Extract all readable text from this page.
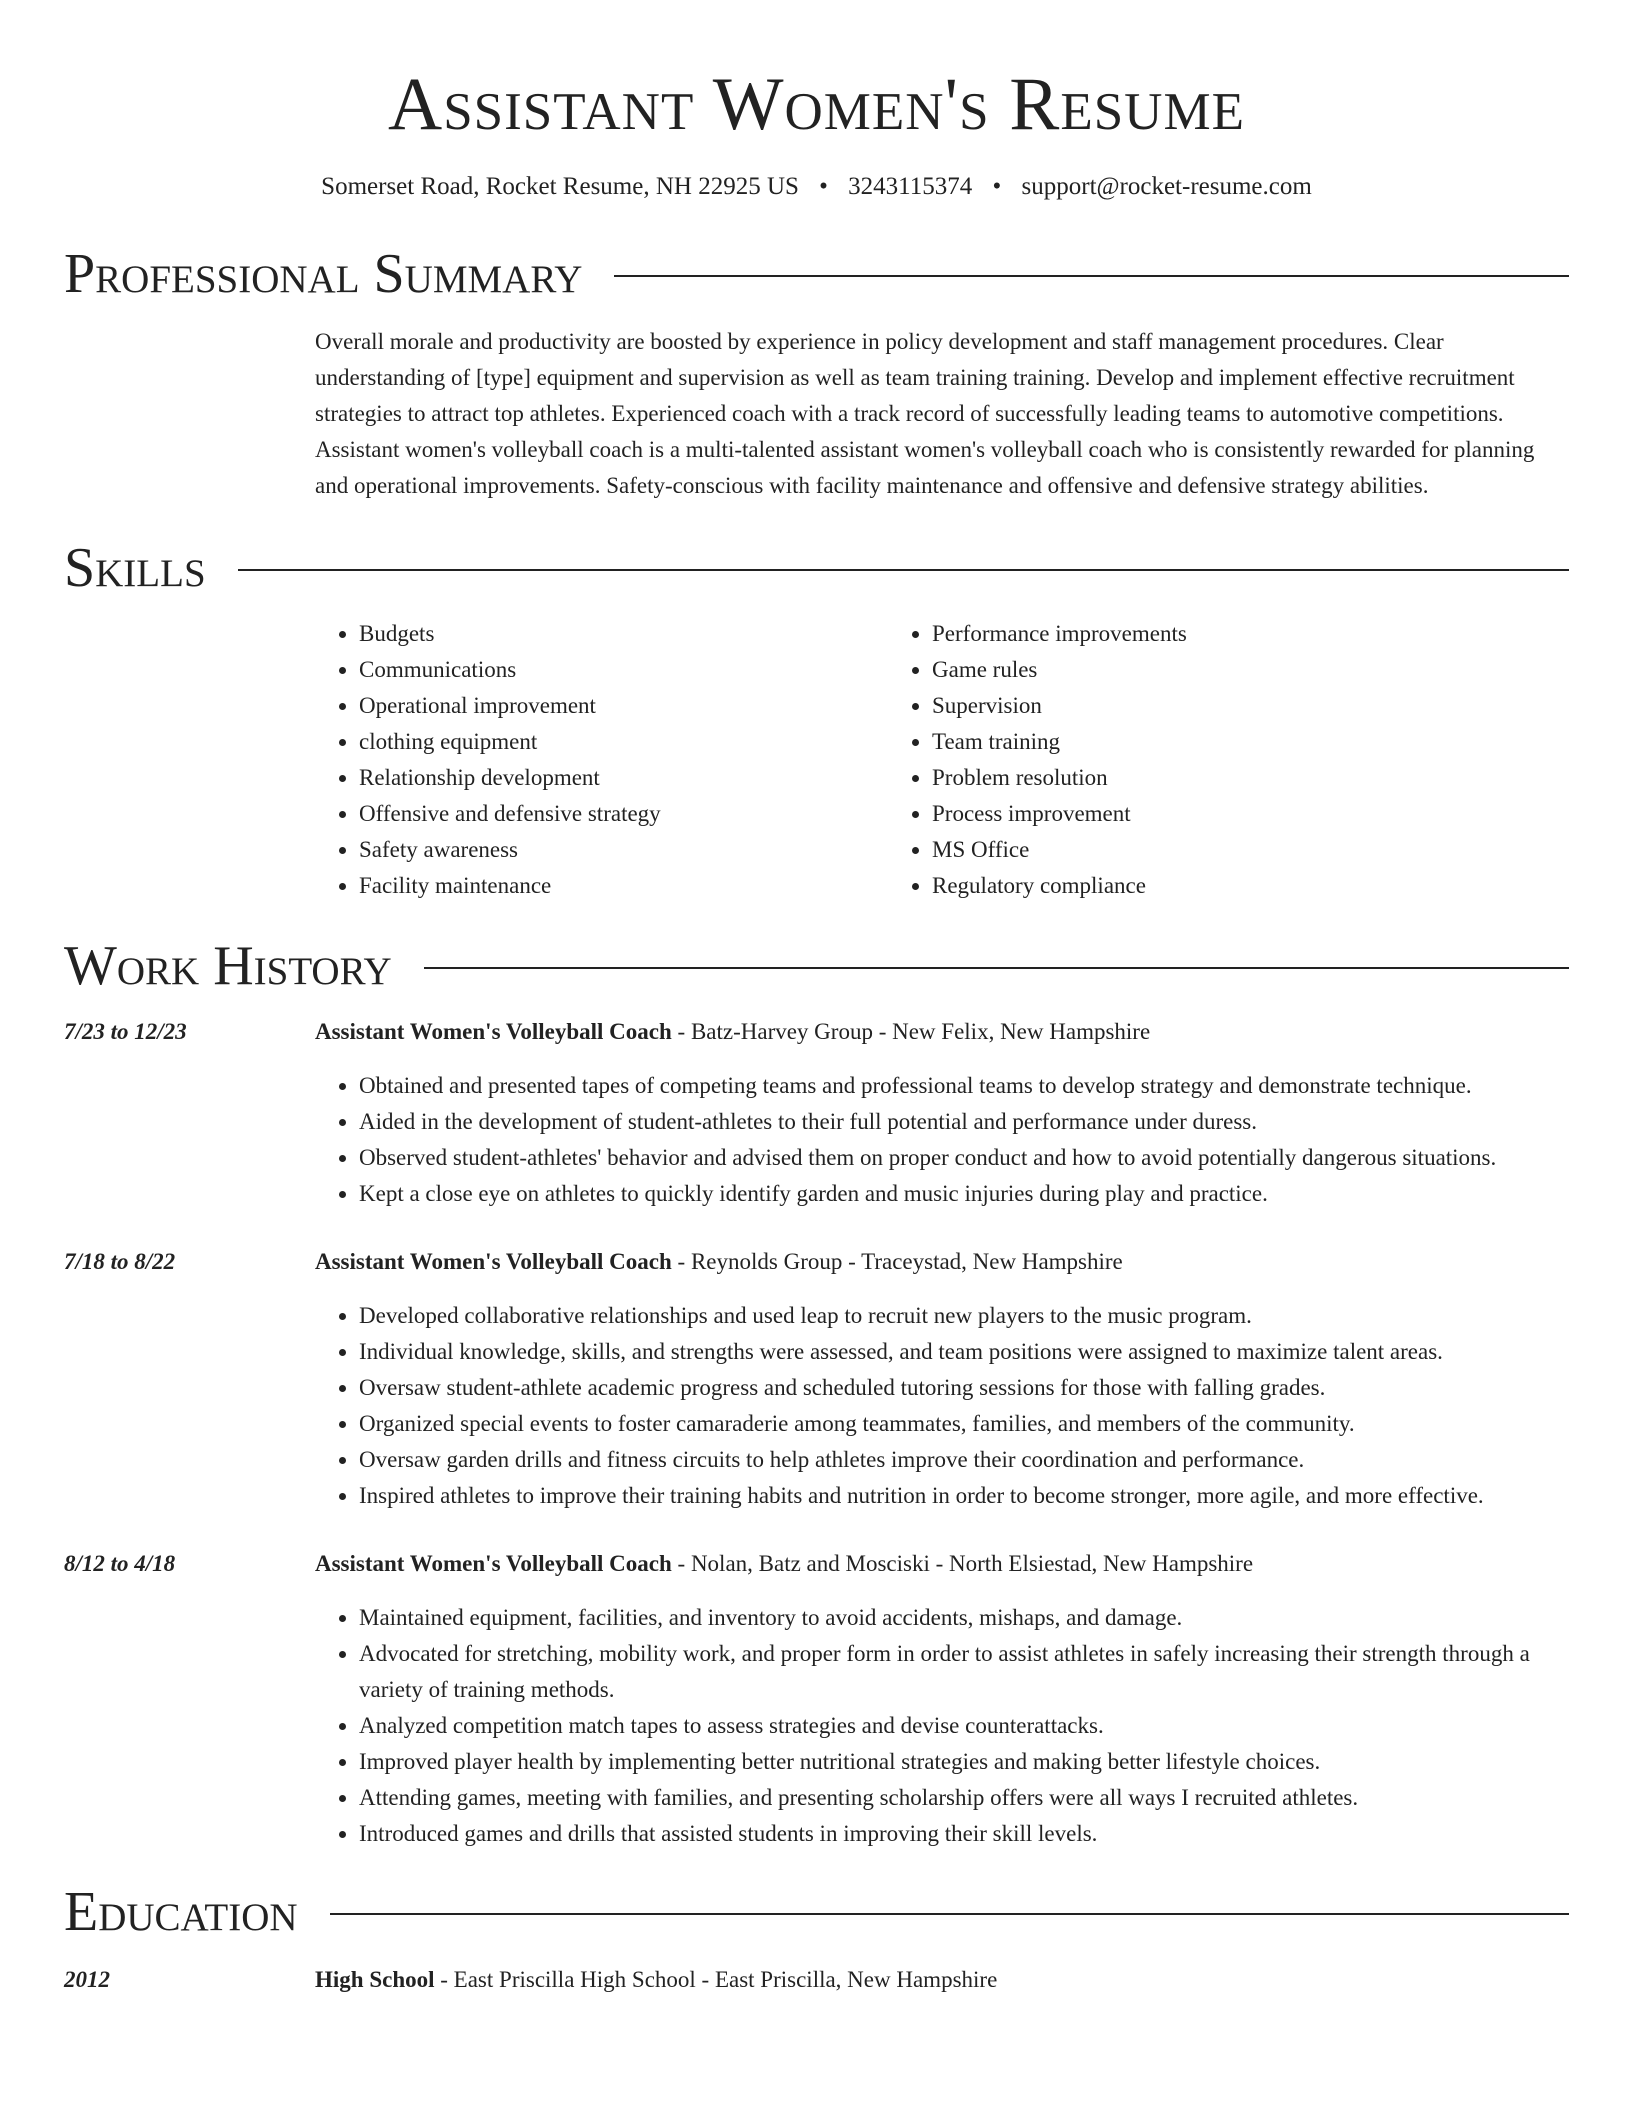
Assistant Women's Resume
Somerset Road, Rocket Resume, NH 22925 US • 3243115374 • support@rocket-resume.com
Professional Summary
Overall morale and productivity are boosted by experience in policy development and staff management procedures. Clear understanding of [type] equipment and supervision as well as team training training. Develop and implement effective recruitment strategies to attract top athletes. Experienced coach with a track record of successfully leading teams to automotive competitions. Assistant women's volleyball coach is a multi-talented assistant women's volleyball coach who is consistently rewarded for planning and operational improvements. Safety-conscious with facility maintenance and offensive and defensive strategy abilities.
Skills
• Budgets
• Communications
• Operational improvement
• clothing equipment
• Relationship development
• Offensive and defensive strategy
• Safety awareness
• Facility maintenance
• Performance improvements
• Game rules
• Supervision
• Team training
• Problem resolution
• Process improvement
• MS Office
• Regulatory compliance
Work History
7/23 to 12/23	Assistant Women's Volleyball Coach - Batz-Harvey Group - New Felix, New Hampshire
• Obtained and presented tapes of competing teams and professional teams to develop strategy and demonstrate technique.
• Aided in the development of student-athletes to their full potential and performance under duress.
• Observed student-athletes' behavior and advised them on proper conduct and how to avoid potentially dangerous situations.
• Kept a close eye on athletes to quickly identify garden and music injuries during play and practice.
7/18 to 8/22	Assistant Women's Volleyball Coach - Reynolds Group - Traceystad, New Hampshire
• Developed collaborative relationships and used leap to recruit new players to the music program.
• Individual knowledge, skills, and strengths were assessed, and team positions were assigned to maximize talent areas.
• Oversaw student-athlete academic progress and scheduled tutoring sessions for those with falling grades.
• Organized special events to foster camaraderie among teammates, families, and members of the community.
• Oversaw garden drills and fitness circuits to help athletes improve their coordination and performance.
• Inspired athletes to improve their training habits and nutrition in order to become stronger, more agile, and more effective.
8/12 to 4/18	Assistant Women's Volleyball Coach - Nolan, Batz and Mosciski - North Elsiestad, New Hampshire
• Maintained equipment, facilities, and inventory to avoid accidents, mishaps, and damage.
• Advocated for stretching, mobility work, and proper form in order to assist athletes in safely increasing their strength through a variety of training methods.
• Analyzed competition match tapes to assess strategies and devise counterattacks.
• Improved player health by implementing better nutritional strategies and making better lifestyle choices.
• Attending games, meeting with families, and presenting scholarship offers were all ways I recruited athletes.
• Introduced games and drills that assisted students in improving their skill levels.
Education
2012	High School - East Priscilla High School - East Priscilla, New Hampshire
